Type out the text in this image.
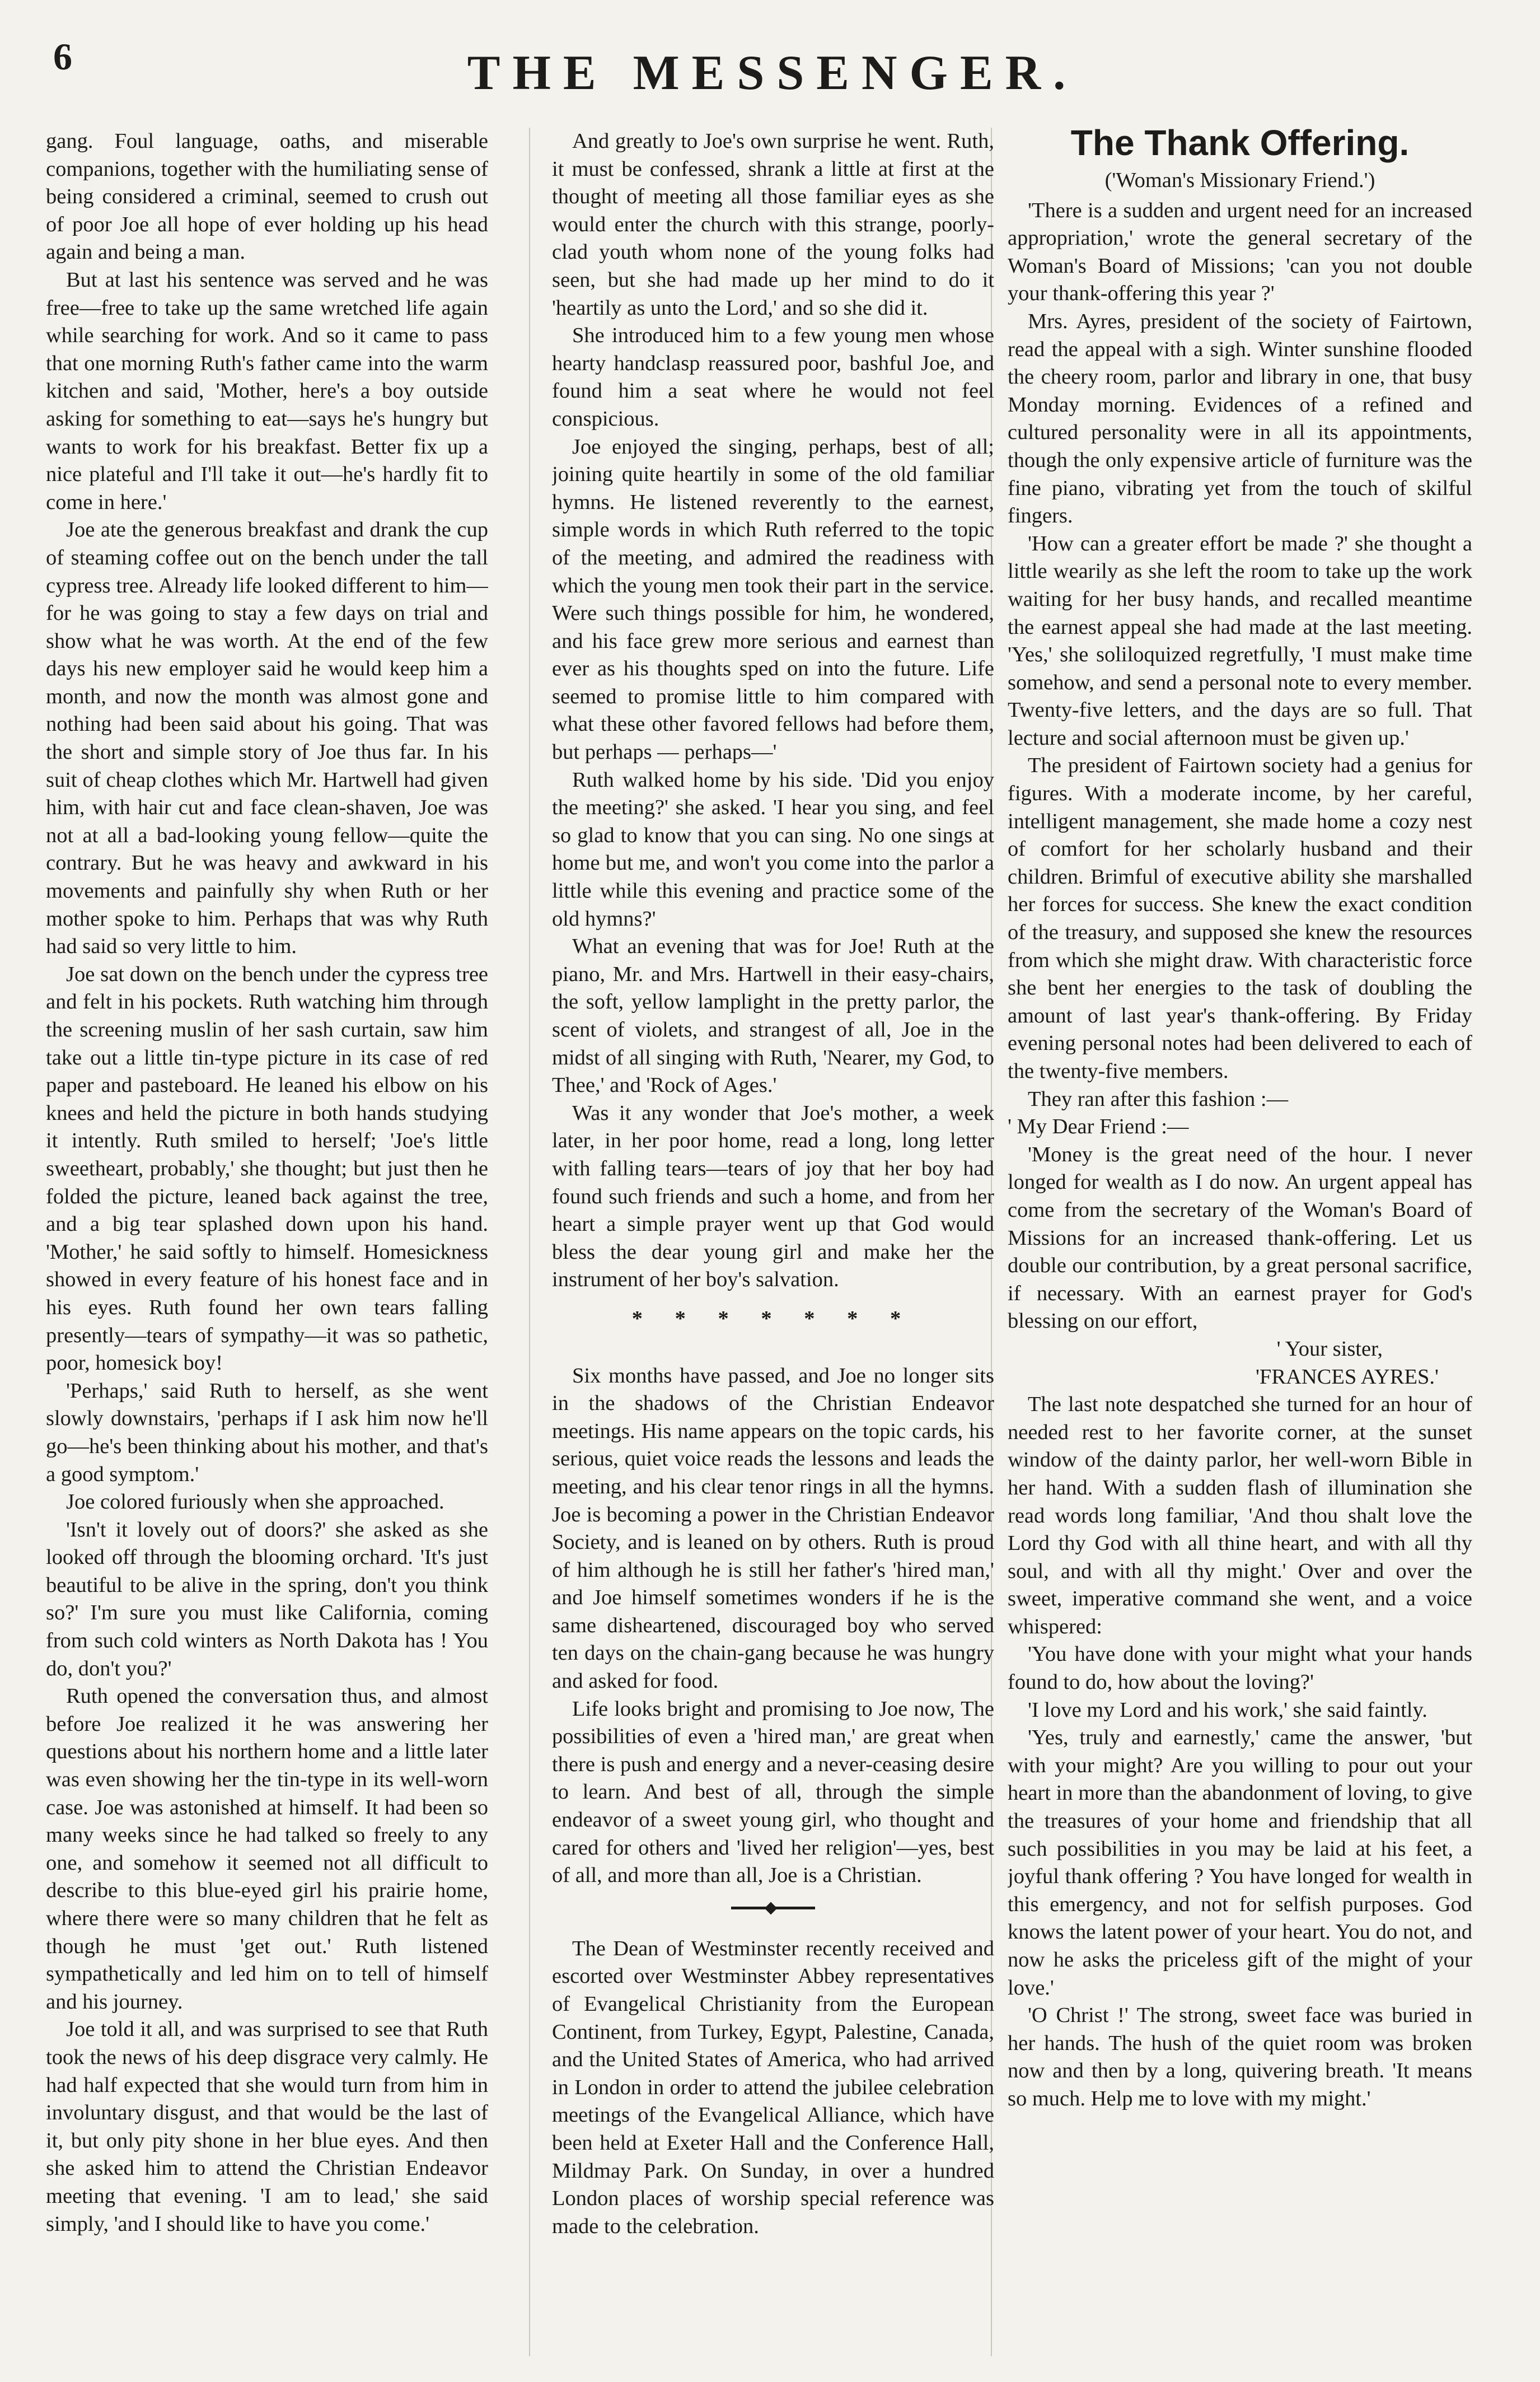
THE MESSENGER.
6

gang. Foul language, oaths, and miserable companions, together with the humiliating sense of being considered a criminal, seemed to crush out of poor Joe all hope of ever holding up his head again and being a man.

But at last his sentence was served and he was free—free to take up the same wretched life again while searching for work. And so it came to pass that one morning Ruth's father came into the warm kitchen and said, 'Mother, here's a boy outside asking for something to eat—says he's hungry but wants to work for his breakfast. Better fix up a nice plateful and I'll take it out—he's hardly fit to come in here.'

Joe ate the generous breakfast and drank the cup of steaming coffee out on the bench under the tall cypress tree. Already life looked different to him—for he was going to stay a few days on trial and show what he was worth. At the end of the few days his new employer said he would keep him a month, and now the month was almost gone and nothing had been said about his going. That was the short and simple story of Joe thus far. In his suit of cheap clothes which Mr. Hartwell had given him, with hair cut and face clean-shaven, Joe was not at all a bad-looking young fellow—quite the contrary. But he was heavy and awkward in his movements and painfully shy when Ruth or her mother spoke to him. Perhaps that was why Ruth had said so very little to him.

Joe sat down on the bench under the cypress tree and felt in his pockets. Ruth watching him through the screening muslin of her sash curtain, saw him take out a little tin-type picture in its case of red paper and pasteboard. He leaned his elbow on his knees and held the picture in both hands studying it intently. Ruth smiled to herself; 'Joe's little sweetheart, probably,' she thought; but just then he folded the picture, leaned back against the tree, and a big tear splashed down upon his hand. 'Mother,' he said softly to himself. Homesickness showed in every feature of his honest face and in his eyes. Ruth found her own tears falling presently—tears of sympathy—it was so pathetic, poor, homesick boy!

'Perhaps,' said Ruth to herself, as she went slowly downstairs, 'perhaps if I ask him now he'll go—he's been thinking about his mother, and that's a good symptom.'

Joe colored furiously when she approached.

'Isn't it lovely out of doors?' she asked as she looked off through the blooming orchard. 'It's just beautiful to be alive in the spring, don't you think so?' I'm sure you must like California, coming from such cold winters as North Dakota has ! You do, don't you?'

Ruth opened the conversation thus, and almost before Joe realized it he was answering her questions about his northern home and a little later was even showing her the tin-type in its well-worn case. Joe was astonished at himself. It had been so many weeks since he had talked so freely to any one, and somehow it seemed not all difficult to describe to this blue-eyed girl his prairie home, where there were so many children that he felt as though he must 'get out.' Ruth listened sympathetically and led him on to tell of himself and his journey.

Joe told it all, and was surprised to see that Ruth took the news of his deep disgrace very calmly. He had half expected that she would turn from him in involuntary disgust, and that would be the last of it, but only pity shone in her blue eyes. And then she asked him to attend the Christian Endeavor meeting that evening. 'I am to lead,' she said simply, 'and I should like to have you come.'

And greatly to Joe's own surprise he went. Ruth, it must be confessed, shrank a little at first at the thought of meeting all those familiar eyes as she would enter the church with this strange, poorly-clad youth whom none of the young folks had seen, but she had made up her mind to do it 'heartily as unto the Lord,' and so she did it.

She introduced him to a few young men whose hearty handclasp reassured poor, bashful Joe, and found him a seat where he would not feel conspicious.

Joe enjoyed the singing, perhaps, best of all; joining quite heartily in some of the old familiar hymns. He listened reverently to the earnest, simple words in which Ruth referred to the topic of the meeting, and admired the readiness with which the young men took their part in the service. Were such things possible for him, he wondered, and his face grew more serious and earnest than ever as his thoughts sped on into the future. Life seemed to promise little to him compared with what these other favored fellows had before them, but perhaps — perhaps—'

Ruth walked home by his side. 'Did you enjoy the meeting?' she asked. 'I hear you sing, and feel so glad to know that you can sing. No one sings at home but me, and won't you come into the parlor a little while this evening and practice some of the old hymns?'

What an evening that was for Joe! Ruth at the piano, Mr. and Mrs. Hartwell in their easy-chairs, the soft, yellow lamplight in the pretty parlor, the scent of violets, and strangest of all, Joe in the midst of all singing with Ruth, 'Nearer, my God, to Thee,' and 'Rock of Ages.'

Was it any wonder that Joe's mother, a week later, in her poor home, read a long, long letter with falling tears—tears of joy that her boy had found such friends and such a home, and from her heart a simple prayer went up that God would bless the dear young girl and make her the instrument of her boy's salvation.

* * * * * * *

Six months have passed, and Joe no longer sits in the shadows of the Christian Endeavor meetings. His name appears on the topic cards, his serious, quiet voice reads the lessons and leads the meeting, and his clear tenor rings in all the hymns. Joe is becoming a power in the Christian Endeavor Society, and is leaned on by others. Ruth is proud of him although he is still her father's 'hired man,' and Joe himself sometimes wonders if he is the same disheartened, discouraged boy who served ten days on the chain-gang because he was hungry and asked for food.

Life looks bright and promising to Joe now, The possibilities of even a 'hired man,' are great when there is push and energy and a never-ceasing desire to learn. And best of all, through the simple endeavor of a sweet young girl, who thought and cared for others and 'lived her religion'—yes, best of all, and more than all, Joe is a Christian.

The Dean of Westminster recently received and escorted over Westminster Abbey representatives of Evangelical Christianity from the European Continent, from Turkey, Egypt, Palestine, Canada, and the United States of America, who had arrived in London in order to attend the jubilee celebration meetings of the Evangelical Alliance, which have been held at Exeter Hall and the Conference Hall, Mildmay Park. On Sunday, in over a hundred London places of worship special reference was made to the celebration.

The Thank Offering.

('Woman's Missionary Friend.')

'There is a sudden and urgent need for an increased appropriation,' wrote the general secretary of the Woman's Board of Missions; 'can you not double your thank-offering this year ?'

Mrs. Ayres, president of the society of Fairtown, read the appeal with a sigh. Winter sunshine flooded the cheery room, parlor and library in one, that busy Monday morning. Evidences of a refined and cultured personality were in all its appointments, though the only expensive article of furniture was the fine piano, vibrating yet from the touch of skilful fingers.

'How can a greater effort be made ?' she thought a little wearily as she left the room to take up the work waiting for her busy hands, and recalled meantime the earnest appeal she had made at the last meeting. 'Yes,' she soliloquized regretfully, 'I must make time somehow, and send a personal note to every member. Twenty-five letters, and the days are so full. That lecture and social afternoon must be given up.'

The president of Fairtown society had a genius for figures. With a moderate income, by her careful, intelligent management, she made home a cozy nest of comfort for her scholarly husband and their children. Brimful of executive ability she marshalled her forces for success. She knew the exact condition of the treasury, and supposed she knew the resources from which she might draw. With characteristic force she bent her energies to the task of doubling the amount of last year's thank-offering. By Friday evening personal notes had been delivered to each of the twenty-five members.

They ran after this fashion :—

' My Dear Friend :—

'Money is the great need of the hour. I never longed for wealth as I do now. An urgent appeal has come from the secretary of the Woman's Board of Missions for an increased thank-offering. Let us double our contribution, by a great personal sacrifice, if necessary. With an earnest prayer for God's blessing on our effort,

' Your sister,

'FRANCES AYRES.'

The last note despatched she turned for an hour of needed rest to her favorite corner, at the sunset window of the dainty parlor, her well-worn Bible in her hand. With a sudden flash of illumination she read words long familiar, 'And thou shalt love the Lord thy God with all thine heart, and with all thy soul, and with all thy might.' Over and over the sweet, imperative command she went, and a voice whispered:

'You have done with your might what your hands found to do, how about the loving?'

'I love my Lord and his work,' she said faintly.

'Yes, truly and earnestly,' came the answer, 'but with your might? Are you willing to pour out your heart in more than the abandonment of loving, to give the treasures of your home and friendship that all such possibilities in you may be laid at his feet, a joyful thank offering ? You have longed for wealth in this emergency, and not for selfish purposes. God knows the latent power of your heart. You do not, and now he asks the priceless gift of the might of your love.'

'O Christ !' The strong, sweet face was buried in her hands. The hush of the quiet room was broken now and then by a long, quivering breath. 'It means so much. Help me to love with my might.'
